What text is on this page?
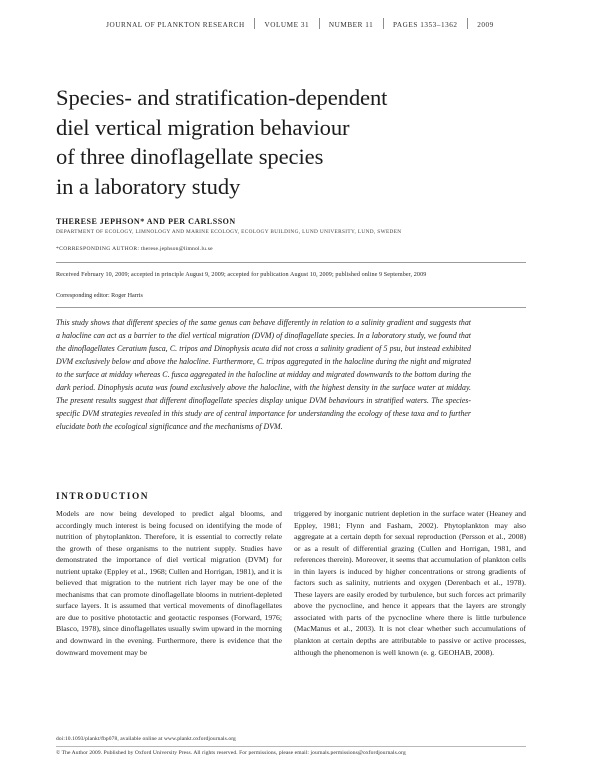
JOURNAL OF PLANKTON RESEARCH	VOLUME 31	NUMBER 11	PAGES 1353–1362	2009
Species- and stratification-dependent
diel vertical migration behaviour
of three dinoflagellate species
in a laboratory study
THERESE JEPHSON* AND PER CARLSSON
DEPARTMENT OF ECOLOGY, LIMNOLOGY AND MARINE ECOLOGY, ECOLOGY BUILDING, LUND UNIVERSITY, LUND, SWEDEN
*CORRESPONDING AUTHOR: therese.jephson@limnol.lu.se
Received February 10, 2009; accepted in principle August 9, 2009; accepted for publication August 10, 2009; published online 9 September, 2009
Corresponding editor: Roger Harris
This study shows that different species of the same genus can behave differently in relation to a salinity gradient and suggests that a halocline can act as a barrier to the diel vertical migration (DVM) of dinoflagellate species. In a laboratory study, we found that the dinoflagellates Ceratium fusca, C. tripos and Dinophysis acuta did not cross a salinity gradient of 5 psu, but instead exhibited DVM exclusively below and above the halocline. Furthermore, C. tripos aggregated in the halocline during the night and migrated to the surface at midday whereas C. fusca aggregated in the halocline at midday and migrated downwards to the bottom during the dark period. Dinophysis acuta was found exclusively above the halocline, with the highest density in the surface water at midday. The present results suggest that different dinoflagellate species display unique DVM behaviours in stratified waters. The species-specific DVM strategies revealed in this study are of central importance for understanding the ecology of these taxa and to further elucidate both the ecological significance and the mechanisms of DVM.
INTRODUCTION
Models are now being developed to predict algal blooms, and accordingly much interest is being focused on identifying the mode of nutrition of phytoplankton. Therefore, it is essential to correctly relate the growth of these organisms to the nutrient supply. Studies have demonstrated the importance of diel vertical migration (DVM) for nutrient uptake (Eppley et al., 1968; Cullen and Horrigan, 1981), and it is believed that migration to the nutrient rich layer may be one of the mechanisms that can promote dinoflagellate blooms in nutrient-depleted surface layers. It is assumed that vertical movements of dinoflagellates are due to positive phototactic and geotactic responses (Forward, 1976; Blasco, 1978), since dinoflagellates usually swim upward in the morning and downward in the evening. Furthermore, there is evidence that the downward movement may be
triggered by inorganic nutrient depletion in the surface water (Heaney and Eppley, 1981; Flynn and Fasham, 2002). Phytoplankton may also aggregate at a certain depth for sexual reproduction (Persson et al., 2008) or as a result of differential grazing (Cullen and Horrigan, 1981, and references therein). Moreover, it seems that accumulation of plankton cells in thin layers is induced by higher concentrations or strong gradients of factors such as salinity, nutrients and oxygen (Derenbach et al., 1978). These layers are easily eroded by turbulence, but such forces act primarily above the pycnocline, and hence it appears that the layers are strongly associated with parts of the pycnocline where there is little turbulence (MacManus et al., 2003). It is not clear whether such accumulations of plankton at certain depths are attributable to passive or active processes, although the phenomenon is well known (e. g. GEOHAB, 2008).
doi:10.1093/plankt/fbp078, available online at www.plankt.oxfordjournals.org
© The Author 2009. Published by Oxford University Press. All rights reserved. For permissions, please email: journals.permissions@oxfordjournals.org
